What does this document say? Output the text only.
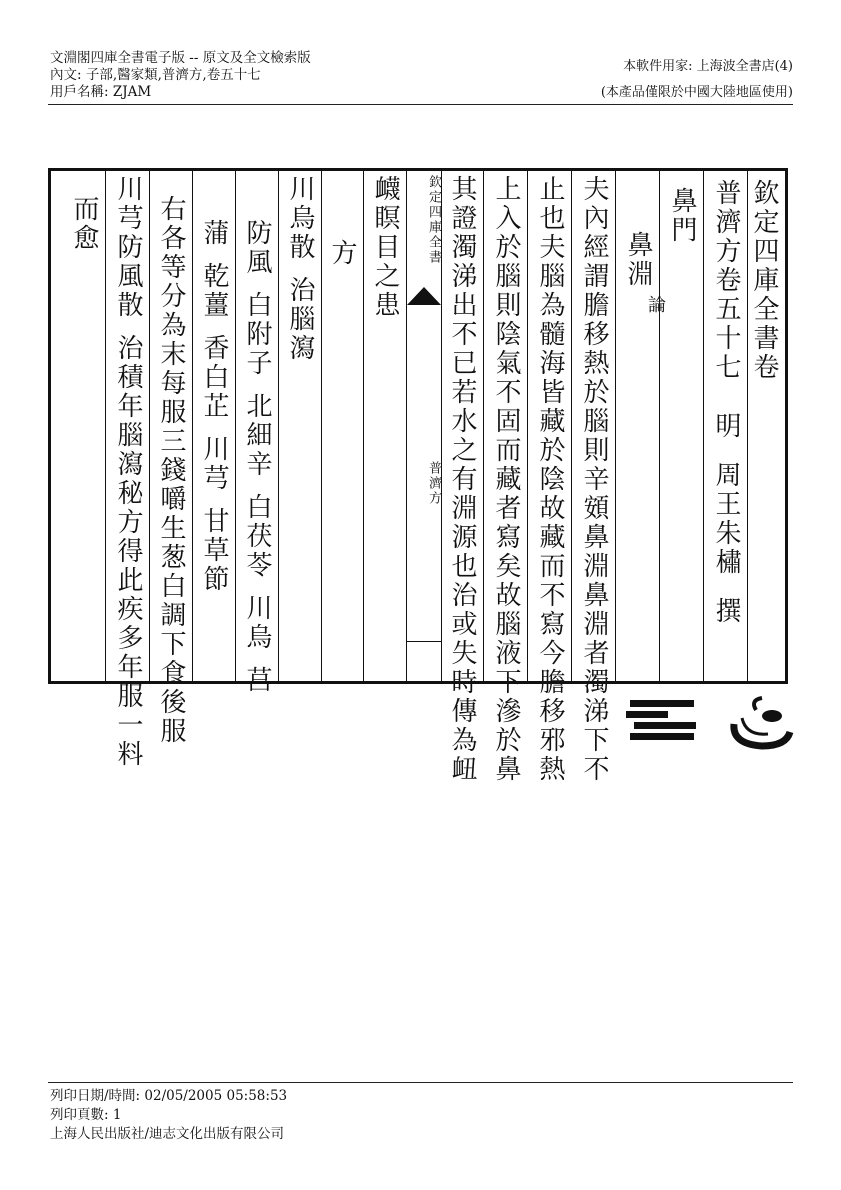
文淵閣四庫全書電子版 -- 原文及全文檢索版
內文: 子部,醫家類,普濟方,卷五十七
用戶名稱: ZJAM
本軟件用家: 上海波全書店(4)
(本產品僅限於中國大陸地區使用)
欽定四庫全書卷
普濟方卷五十七明周王朱橚撰
鼻門
鼻淵
論
夫內經謂膽移熱於腦則辛頞鼻淵鼻淵者濁涕下不
止也夫腦為髓海皆藏於陰故藏而不寫今膽移邪熱
上入於腦則陰氣不固而藏者寫矣故腦液下滲於鼻
其證濁涕出不已若水之有淵源也治或失時傳為衄
欽定四庫全書
普濟方
衊瞑目之患
方
川烏散治腦瀉
防風白附子北細辛白茯苓川烏莒
蒲乾薑香白芷川芎甘草節
右各等分為末每服三錢嚼生葱白調下食後服
川芎防風散治積年腦瀉秘方得此疾多年服一料
而愈
列印日期/時間: 02/05/2005 05:58:53
列印頁數: 1
上海人民出版社/迪志文化出版有限公司
